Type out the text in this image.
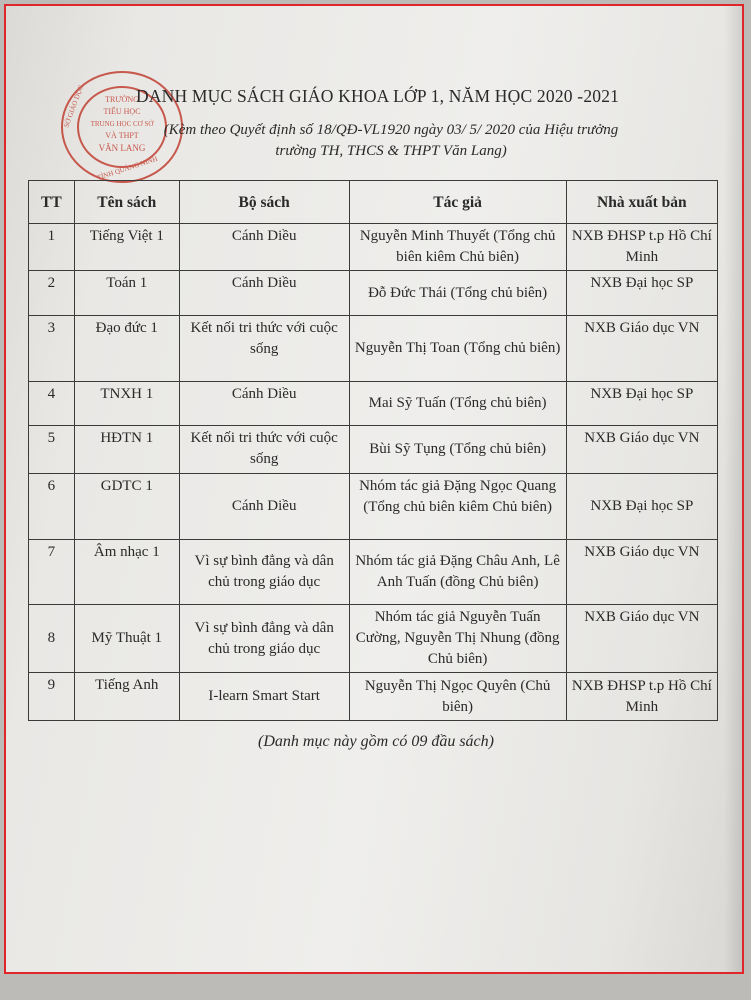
TRƯỜNG
TIỂU HỌC
TRUNG HỌC CƠ SỞ
VÀ THPT
VĂN LANG
SỞ GIÁO DỤC
TỈNH QUẢNG NINH
DANH MỤC SÁCH GIÁO KHOA LỚP 1, NĂM HỌC 2020 -2021
(Kèm theo Quyết định số 18/QĐ-VL1920 ngày 03/ 5/ 2020 của Hiệu trưởng
trường TH, THCS & THPT Văn Lang)
TT	Tên sách	Bộ sách	Tác giả	Nhà xuất bản
1	Tiếng Việt 1	Cánh Diều	Nguyễn Minh Thuyết (Tổng chủ biên kiêm Chủ biên)	NXB ĐHSP t.p Hồ Chí Minh
2	Toán 1	Cánh Diều	Đỗ Đức Thái (Tổng chủ biên)	NXB Đại học SP
3	Đạo đức 1	Kết nối tri thức với cuộc sống	Nguyễn Thị Toan (Tổng chủ biên)	NXB Giáo dục VN
4	TNXH 1	Cánh Diều	Mai Sỹ Tuấn (Tổng chủ biên)	NXB Đại học SP
5	HĐTN 1	Kết nối tri thức với cuộc sống	Bùi Sỹ Tụng (Tổng chủ biên)	NXB Giáo dục VN
6	GDTC 1	Cánh Diều	Nhóm tác giả Đặng Ngọc Quang (Tổng chủ biên kiêm Chủ biên)	NXB Đại học SP
7	Âm nhạc 1	Vì sự bình đẳng và dân chủ trong giáo dục	Nhóm tác giả Đặng Châu Anh, Lê Anh Tuấn (đồng Chủ biên)	NXB Giáo dục VN
8	Mỹ Thuật 1	Vì sự bình đẳng và dân chủ trong giáo dục	Nhóm tác giả Nguyễn Tuấn Cường, Nguyễn Thị Nhung (đồng Chủ biên)	NXB Giáo dục VN
9	Tiếng Anh	I-learn Smart Start	Nguyễn Thị Ngọc Quyên (Chủ biên)	NXB ĐHSP t.p Hồ Chí Minh
(Danh mục này gồm có 09 đầu sách)
